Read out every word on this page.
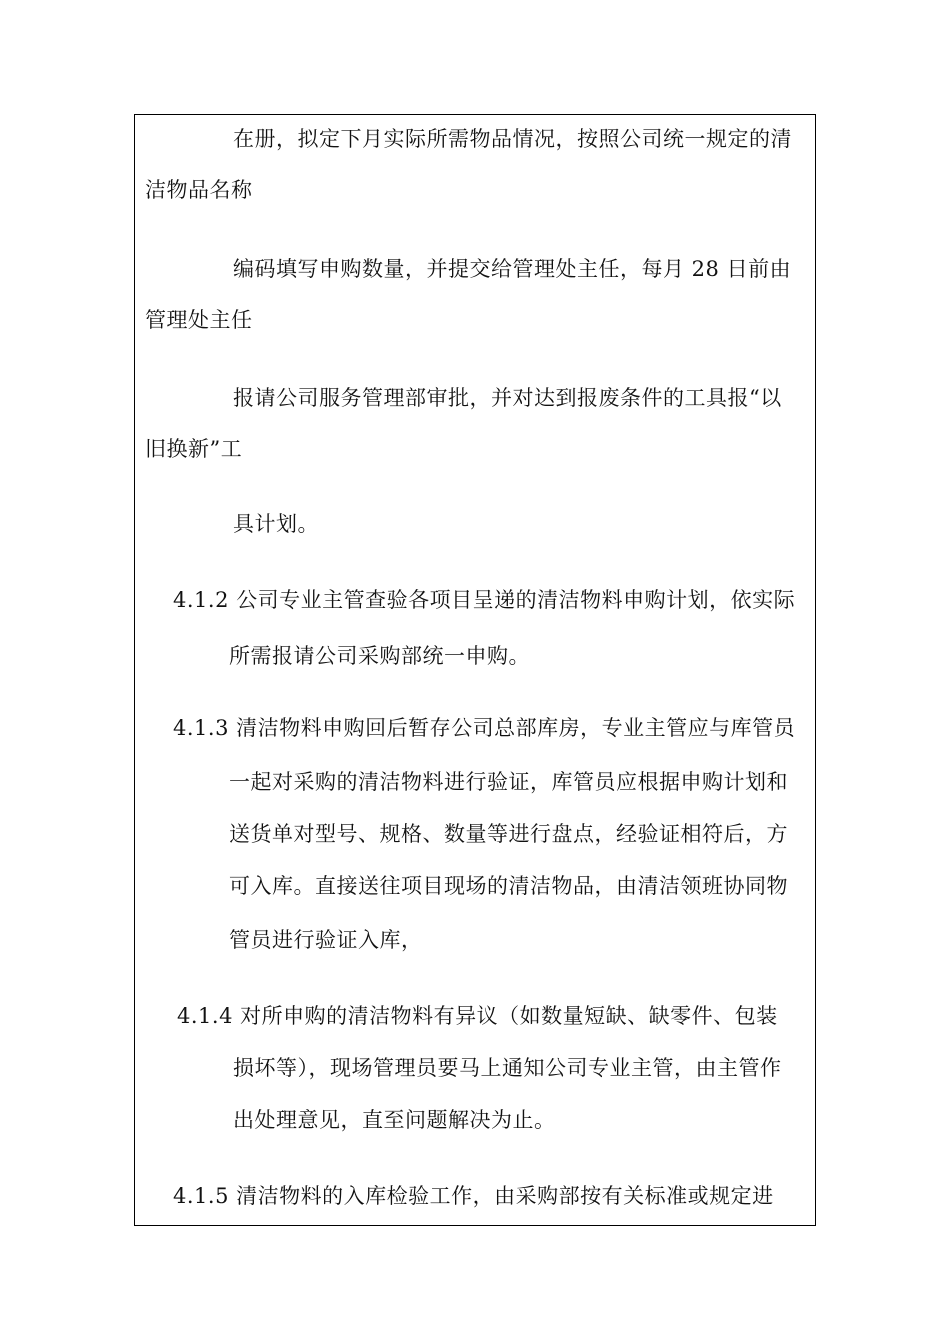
在册，拟定下月实际所需物品情况，按照公司统一规定的清
洁物品名称
编码填写申购数量，并提交给管理处主任，每月 28 日前由
管理处主任
报请公司服务管理部审批，并对达到报废条件的工具报“以
旧换新”工
具计划。
4.1.2 公司专业主管查验各项目呈递的清洁物料申购计划，依实际
所需报请公司采购部统一申购。
4.1.3 清洁物料申购回后暂存公司总部库房，专业主管应与库管员
一起对采购的清洁物料进行验证，库管员应根据申购计划和
送货单对型号、规格、数量等进行盘点，经验证相符后，方
可入库。直接送往项目现场的清洁物品，由清洁领班协同物
管员进行验证入库，
4.1.4 对所申购的清洁物料有异议（如数量短缺、缺零件、包装
损坏等），现场管理员要马上通知公司专业主管，由主管作
出处理意见，直至问题解决为止。
4.1.5 清洁物料的入库检验工作，由采购部按有关标准或规定进
